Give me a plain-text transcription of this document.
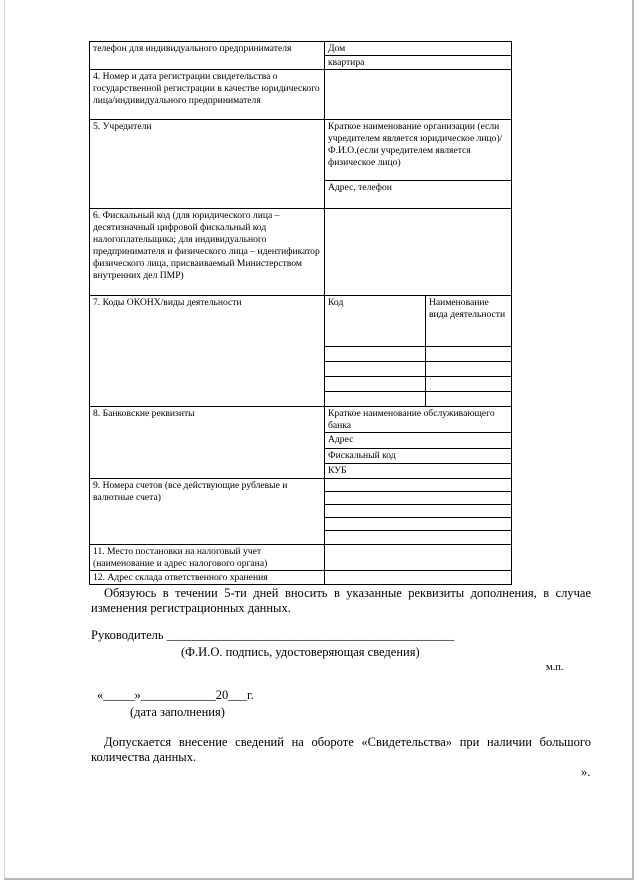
телефон для индивидуального предпринимателя	Дом	
	квартира	
4. Номер и дата регистрации свидетельства о государственной регистрации в качестве юридического лица/индивидуального предпринимателя		
5. Учредители	Краткое наименование организации (если учредителем является юридическое лицо)/ Ф.И.О.(если учредителем является физическое лицо)	
	Адрес, телефон	
6. Фискальный код (для юридического лица – десятизначный цифровой фискальный код налогоплательщика; для индивидуального предпринимателя и физического лица – идентификатор физического лица, присваиваемый Министерством внутренних дел ПМР)		
7. Коды ОКОНХ/виды деятельности	Код	Наименование вида деятельности

8. Банковские реквизиты	Краткое наименование обслуживающего банка	
	Адрес	
	Фискальный код	
	КУБ	
9. Номера счетов (все действующие рублевые и валютные счета)		

11. Место постановки на налоговый учет (наименование и адрес налогового органа)		
12. Адрес склада ответственного хранения		
Обязуюсь в течении 5-ти дней вносить в указанные реквизиты дополнения, в случае изменения регистрационных данных.
Руководитель ______________________________________________
(Ф.И.О. подпись, удостоверяющая сведения)
м.п.
«_____»____________20___г.
(дата заполнения)
Допускается внесение сведений на обороте «Свидетельства» при наличии большого количества данных.
».
